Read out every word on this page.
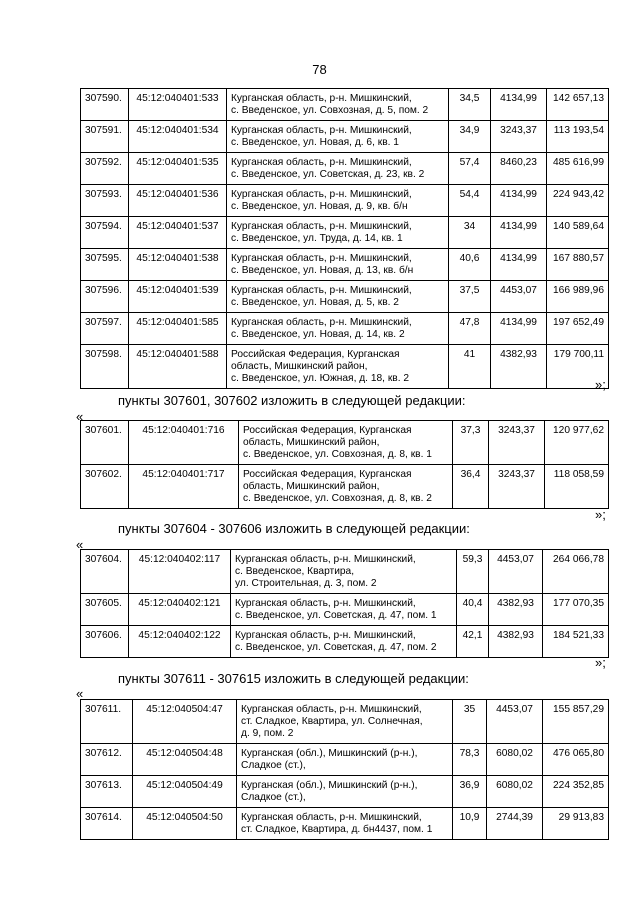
78
307590.	45:12:040401:533	Курганская область, р-н. Мишкинский,
с. Введенское, ул. Совхозная, д. 5, пом. 2	34,5	4134,99	142 657,13
307591.	45:12:040401:534	Курганская область, р-н. Мишкинский,
с. Введенское, ул. Новая, д. 6, кв. 1	34,9	3243,37	113 193,54
307592.	45:12:040401:535	Курганская область, р-н. Мишкинский,
с. Введенское, ул. Советская, д. 23, кв. 2	57,4	8460,23	485 616,99
307593.	45:12:040401:536	Курганская область, р-н. Мишкинский,
с. Введенское, ул. Новая, д. 9, кв. б/н	54,4	4134,99	224 943,42
307594.	45:12:040401:537	Курганская область, р-н. Мишкинский,
с. Введенское, ул. Труда, д. 14, кв. 1	34	4134,99	140 589,64
307595.	45:12:040401:538	Курганская область, р-н. Мишкинский,
с. Введенское, ул. Новая, д. 13, кв. б/н	40,6	4134,99	167 880,57
307596.	45:12:040401:539	Курганская область, р-н. Мишкинский,
с. Введенское, ул. Новая, д. 5, кв. 2	37,5	4453,07	166 989,96
307597.	45:12:040401:585	Курганская область, р-н. Мишкинский,
с. Введенское, ул. Новая, д. 14, кв. 2	47,8	4134,99	197 652,49
307598.	45:12:040401:588	Российская Федерация, Курганская
область, Мишкинский район,
с. Введенское, ул. Южная, д. 18, кв. 2	41	4382,93	179 700,11
»;
пункты 307601, 307602 изложить в следующей редакции:
«
307601.	45:12:040401:716	Российская Федерация, Курганская
область, Мишкинский район,
с. Введенское, ул. Совхозная, д. 8, кв. 1	37,3	3243,37	120 977,62
307602.	45:12:040401:717	Российская Федерация, Курганская
область, Мишкинский район,
с. Введенское, ул. Совхозная, д. 8, кв. 2	36,4	3243,37	118 058,59
»;
пункты 307604 - 307606 изложить в следующей редакции:
«
307604.	45:12:040402:117	Курганская область, р-н. Мишкинский,
с. Введенское, Квартира,
ул. Строительная, д. 3, пом. 2	59,3	4453,07	264 066,78
307605.	45:12:040402:121	Курганская область, р-н. Мишкинский,
с. Введенское, ул. Советская, д. 47, пом. 1	40,4	4382,93	177 070,35
307606.	45:12:040402:122	Курганская область, р-н. Мишкинский,
с. Введенское, ул. Советская, д. 47, пом. 2	42,1	4382,93	184 521,33
»;
пункты 307611 - 307615 изложить в следующей редакции:
«
307611.	45:12:040504:47	Курганская область, р-н. Мишкинский,
ст. Сладкое, Квартира, ул. Солнечная,
д. 9, пом. 2	35	4453,07	155 857,29
307612.	45:12:040504:48	Курганская (обл.), Мишкинский (р-н.),
Сладкое (ст.),	78,3	6080,02	476 065,80
307613.	45:12:040504:49	Курганская (обл.), Мишкинский (р-н.),
Сладкое (ст.),	36,9	6080,02	224 352,85
307614.	45:12:040504:50	Курганская область, р-н. Мишкинский,
ст. Сладкое, Квартира, д. бн4437, пом. 1	10,9	2744,39	29 913,83
